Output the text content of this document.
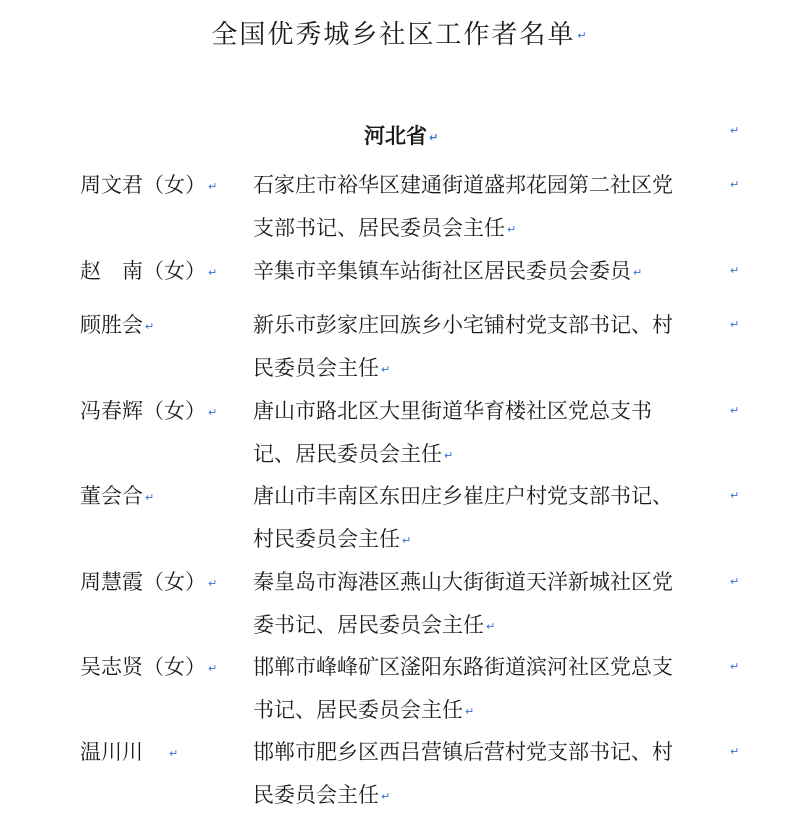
全国优秀城乡社区工作者名单 ↵
河北省 ↵	↵
周文君（女） ↵ 石家庄市裕华区建通街道盛邦花园第二社区党
支部书记、居民委员会主任 ↵
↵
赵　南（女） ↵ 辛集市辛集镇车站街社区居民委员会委员 ↵	↵
顾胜会 ↵	新乐市彭家庄回族乡小宅铺村党支部书记、村
民委员会主任 ↵
↵
冯春辉（女） ↵ 唐山市路北区大里街道华育楼社区党总支书
记、居民委员会主任 ↵
↵
董会合 ↵	唐山市丰南区东田庄乡崔庄户村党支部书记、
村民委员会主任 ↵
↵
周慧霞（女） ↵ 秦皇岛市海港区燕山大街街道天洋新城社区党
委书记、居民委员会主任 ↵
↵
吴志贤（女） ↵ 邯郸市峰峰矿区滏阳东路街道滨河社区党总支
书记、居民委员会主任 ↵
↵
温川川 ↵	邯郸市肥乡区西吕营镇后营村党支部书记、村
民委员会主任 ↵
↵
